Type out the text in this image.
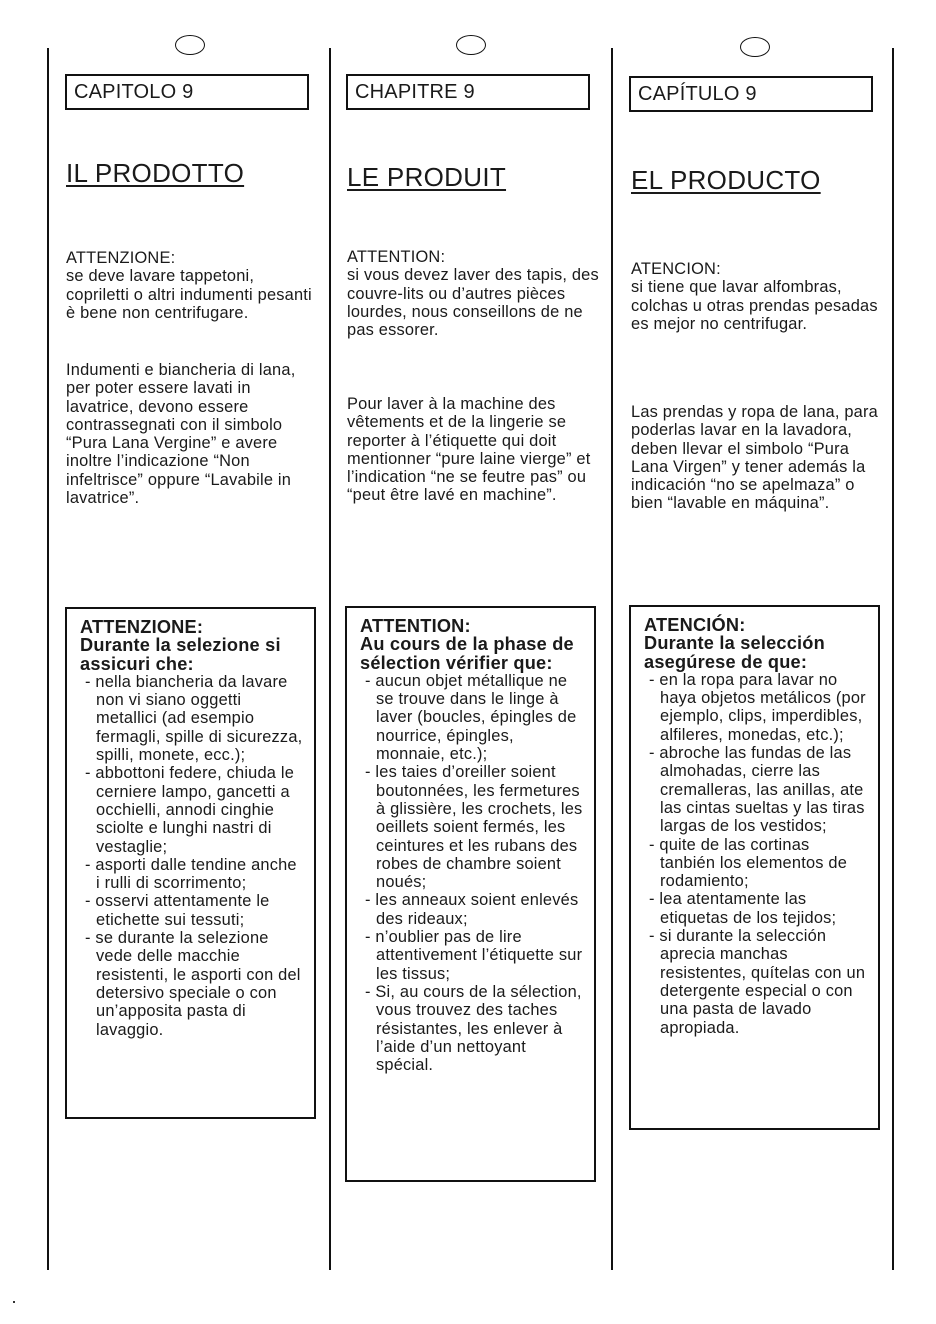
CAPITOLO 9
IL PRODOTTO
ATTENZIONE:
se deve lavare tappetoni, copriletti o altri indumenti pesanti è bene non centrifugare.
Indumenti e biancheria di lana, per poter essere lavati in lavatrice, devono essere contrassegnati con il simbolo “Pura Lana Vergine” e avere inoltre l’indicazione “Non infeltrisce” oppure “Lavabile in lavatrice”.
ATTENZIONE:
Durante la selezione si assicuri che:
- nella biancheria da lavare non vi siano oggetti metallici (ad esempio fermagli, spille di sicurezza, spilli, monete, ecc.);
- abbottoni federe, chiuda le cerniere lampo, gancetti a occhielli, annodi cinghie sciolte e lunghi nastri di vestaglie;
- asporti dalle tendine anche i rulli di scorrimento;
- osservi attentamente le etichette sui tessuti;
- se durante la selezione vede delle macchie resistenti, le asporti con del detersivo speciale o con un’apposita pasta di lavaggio.
CHAPITRE 9
LE PRODUIT
ATTENTION:
si vous devez laver des tapis, des couvre-lits ou d’autres pièces lourdes, nous conseillons de ne pas essorer.
Pour laver à la machine des vêtements et de la lingerie se reporter à l’étiquette qui doit mentionner “pure laine vierge” et l’indication “ne se feutre pas” ou “peut être lavé en machine”.
ATTENTION:
Au cours de la phase de sélection vérifier que:
- aucun objet métallique ne se trouve dans le linge à laver (boucles, épingles de nourrice, épingles, monnaie, etc.);
- les taies d’oreiller soient boutonnées, les fermetures à glissière, les crochets, les oeillets soient fermés, les ceintures et les rubans des robes de chambre soient noués;
- les anneaux soient enlevés des rideaux;
- n’oublier pas de lire attentivement l’étiquette sur les tissus;
- Si, au cours de la sélection, vous trouvez des taches résistantes, les enlever à l’aide d’un nettoyant spécial.
CAPÍTULO 9
EL PRODUCTO
ATENCION:
si tiene que lavar alfombras, colchas u otras prendas pesadas es mejor no centrifugar.
Las prendas y ropa de lana, para poderlas lavar en la lavadora, deben llevar el simbolo “Pura Lana Virgen” y tener además la indicación “no se apelmaza” o bien “lavable en máquina”.
ATENCIÓN:
Durante la selección asegúrese de que:
- en la ropa para lavar no haya objetos metálicos (por ejemplo, clips, imperdibles, alfileres, monedas, etc.);
- abroche las fundas de las almohadas, cierre las cremalleras, las anillas, ate las cintas sueltas y las tiras largas de los vestidos;
- quite de las cortinas tanbién los elementos de rodamiento;
- lea atentamente las etiquetas de los tejidos;
- si durante la selección aprecia manchas resistentes, quítelas con un detergente especial o con una pasta de lavado apropiada.
